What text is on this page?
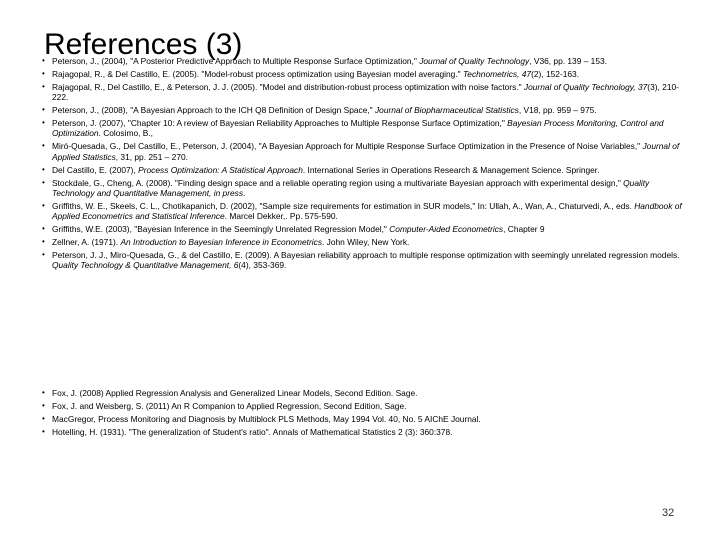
References (3)
• Peterson, J., (2004), "A Posterior Predictive Approach to Multiple Response Surface Optimization," Journal of Quality Technology, V36, pp. 139 – 153.
• Rajagopal, R., & Del Castillo, E. (2005). "Model-robust process optimization using Bayesian model averaging." Technometrics, 47(2), 152-163.
• Rajagopal, R., Del Castillo, E., & Peterson, J. J. (2005). "Model and distribution-robust process optimization with noise factors." Journal of Quality Technology, 37(3), 210-222.
• Peterson, J., (2008), "A Bayesian Approach to the ICH Q8 Definition of Design Space," Journal of Biopharmaceutical Statistics, V18, pp. 959 – 975.
• Peterson, J. (2007), "Chapter 10: A review of Bayesian Reliability Approaches to Multiple Response Surface Optimization," Bayesian Process Monitoring, Control and Optimization. Colosimo, B.,
• Miró-Quesada, G., Del Castillo, E., Peterson, J. (2004), "A Bayesian Approach for Multiple Response Surface Optimization in the Presence of Noise Variables," Journal of Applied Statistics, 31, pp. 251 – 270.
• Del Castillo, E. (2007), Process Optimization: A Statistical Approach. International Series in Operations Research & Management Science. Springer.
• Stockdale, G., Cheng, A. (2008). "Finding design space and a reliable operating region using a multivariate Bayesian approach with experimental design," Quality Technology and Quantitative Management, in press.
• Griffiths, W. E., Skeels, C. L., Chotikapanich, D. (2002), "Sample size requirements for estimation in SUR models," In: Ullah, A., Wan, A., Chaturvedi, A., eds. Handbook of Applied Econometrics and Statistical Inference. Marcel Dekker,. Pp. 575-590.
• Griffiths, W.E. (2003), "Bayesian Inference in the Seemingly Unrelated Regression Model," Computer-Aided Econometrics, Chapter 9
• Zellner, A. (1971). An Introduction to Bayesian Inference in Econometrics. John Wiley, New York.
• Peterson, J. J., Miro-Quesada, G., & del Castillo, E. (2009). A Bayesian reliability approach to multiple response optimization with seemingly unrelated regression models. Quality Technology & Quantitative Management, 6(4), 353-369.
• Fox, J. (2008) Applied Regression Analysis and Generalized Linear Models, Second Edition. Sage.
• Fox, J. and Weisberg, S. (2011) An R Companion to Applied Regression, Second Edition, Sage.
• MacGregor, Process Monitoring and Diagnosis by Multiblock PLS Methods, May 1994 Vol. 40, No. 5 AIChE Journal.
• Hotelling, H. (1931). "The generalization of Student's ratio". Annals of Mathematical Statistics 2 (3): 360:378.
32
